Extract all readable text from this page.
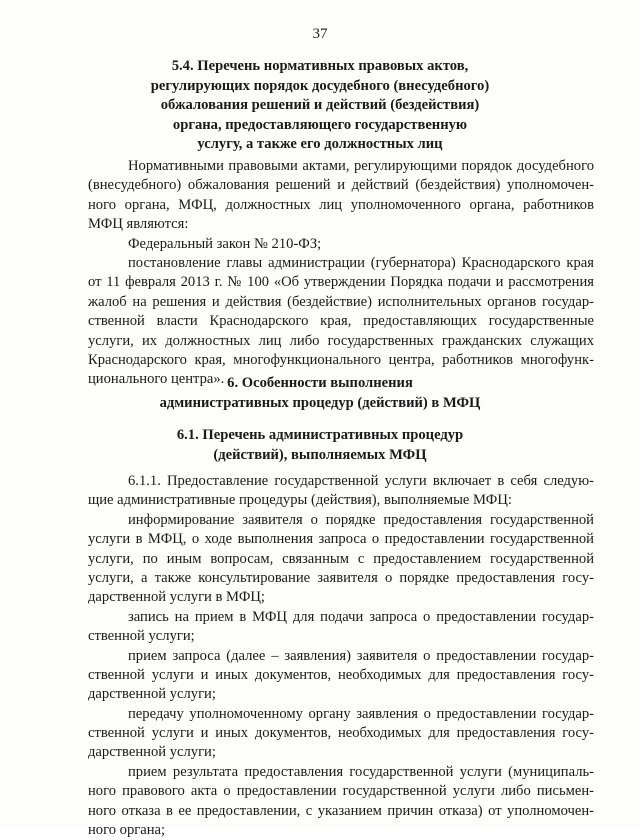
37
5.4. Перечень нормативных правовых актов,
регулирующих порядок досудебного (внесудебного)
обжалования решений и действий (бездействия)
органа, предоставляющего государственную
услугу, а также его должностных лиц
Нормативными правовыми актами, регулирующими порядок досудебного
(внесудебного) обжалования решений и действий (бездействия) уполномочен-
ного органа, МФЦ, должностных лиц уполномоченного органа, работников
МФЦ являются:
Федеральный закон № 210-ФЗ;
постановление главы администрации (губернатора) Краснодарского края
от 11 февраля 2013 г. № 100 «Об утверждении Порядка подачи и рассмотрения
жалоб на решения и действия (бездействие) исполнительных органов государ-
ственной власти Краснодарского края, предоставляющих государственные
услуги, их должностных лиц либо государственных гражданских служащих
Краснодарского края, многофункционального центра, работников многофунк-
ционального центра». 6. Особенности выполнения
административных процедур (действий) в МФЦ
6.1. Перечень административных процедур
(действий), выполняемых МФЦ
6.1.1. Предоставление государственной услуги включает в себя следую-
щие административные процедуры (действия), выполняемые МФЦ:
информирование заявителя о порядке предоставления государственной
услуги в МФЦ, о ходе выполнения запроса о предоставлении государственной
услуги, по иным вопросам, связанным с предоставлением государственной
услуги, а также консультирование заявителя о порядке предоставления госу-
дарственной услуги в МФЦ;
запись на прием в МФЦ для подачи запроса о предоставлении государ-
ственной услуги;
прием запроса (далее – заявления) заявителя о предоставлении государ-
ственной услуги и иных документов, необходимых для предоставления госу-
дарственной услуги;
передачу уполномоченному органу заявления о предоставлении государ-
ственной услуги и иных документов, необходимых для предоставления госу-
дарственной услуги;
прием результата предоставления государственной услуги (муниципаль-
ного правового акта о предоставлении государственной услуги либо письмен-
ного отказа в ее предоставлении, с указанием причин отказа) от уполномочен-
ного органа;
